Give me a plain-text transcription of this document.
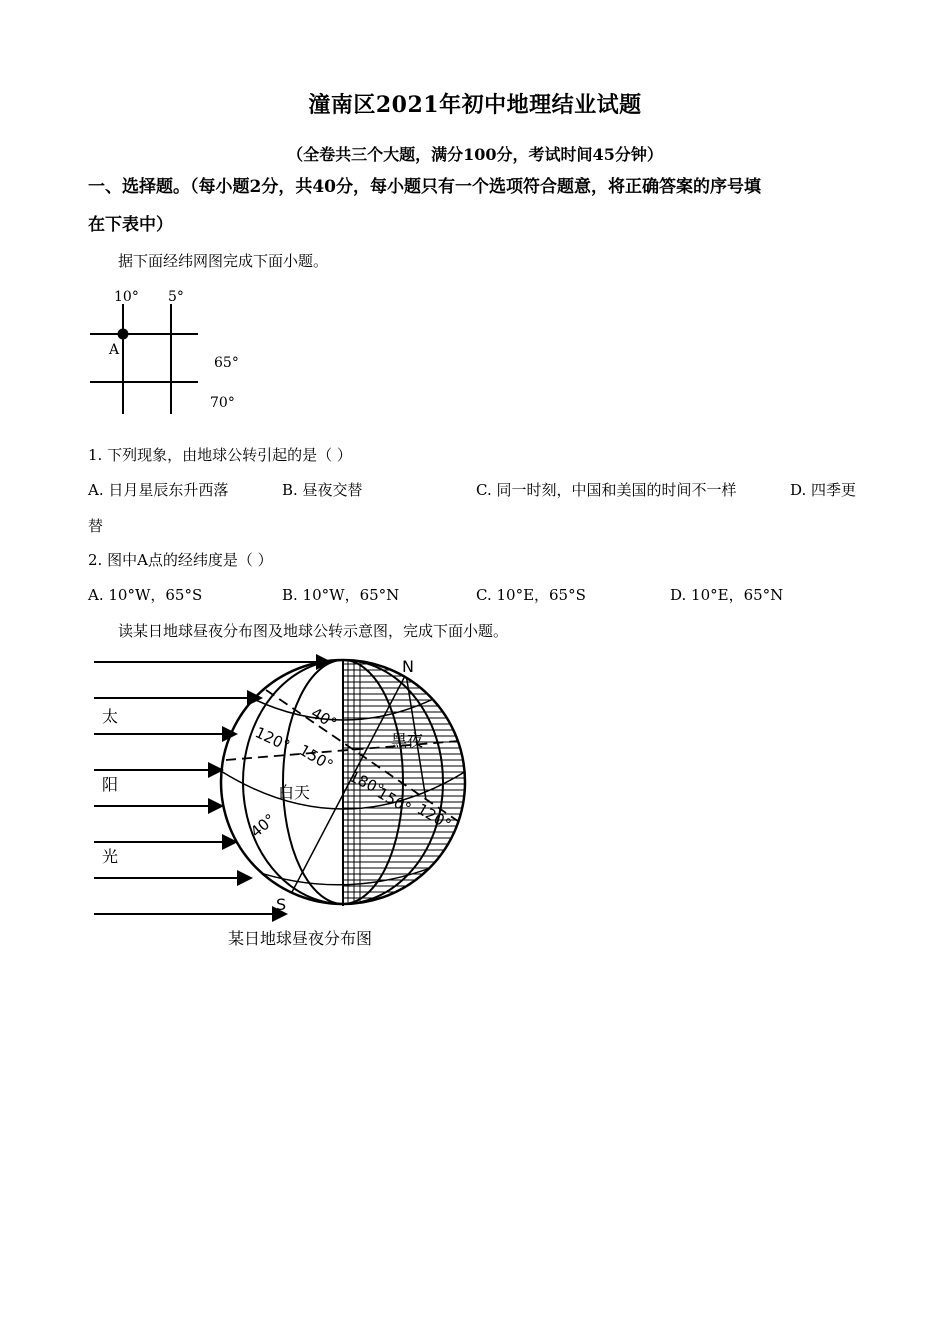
潼南区2021年初中地理结业试题
（全卷共三个大题，满分100分，考试时间45分钟）
一、选择题。（每小题2分，共40分，每小题只有一个选项符合题意，将正确答案的序号填
在下表中）
据下面经纬网图完成下面小题。
10° 5°
A
65°
70°
1. 下列现象，由地球公转引起的是（ ）
A. 日月星辰东升西落	B. 昼夜交替	C. 同一时刻，中国和美国的时间不一样	D. 四季更
替
2. 图中A点的经纬度是（ ）
A. 10°W，65°S	B. 10°W，65°N	C. 10°E，65°S	D. 10°E，65°N
读某日地球昼夜分布图及地球公转示意图，完成下面小题。
太
阳
光
N
S
40°
120°
150°
黑夜
白天 180°
150° 120°
40°
某日地球昼夜分布图
